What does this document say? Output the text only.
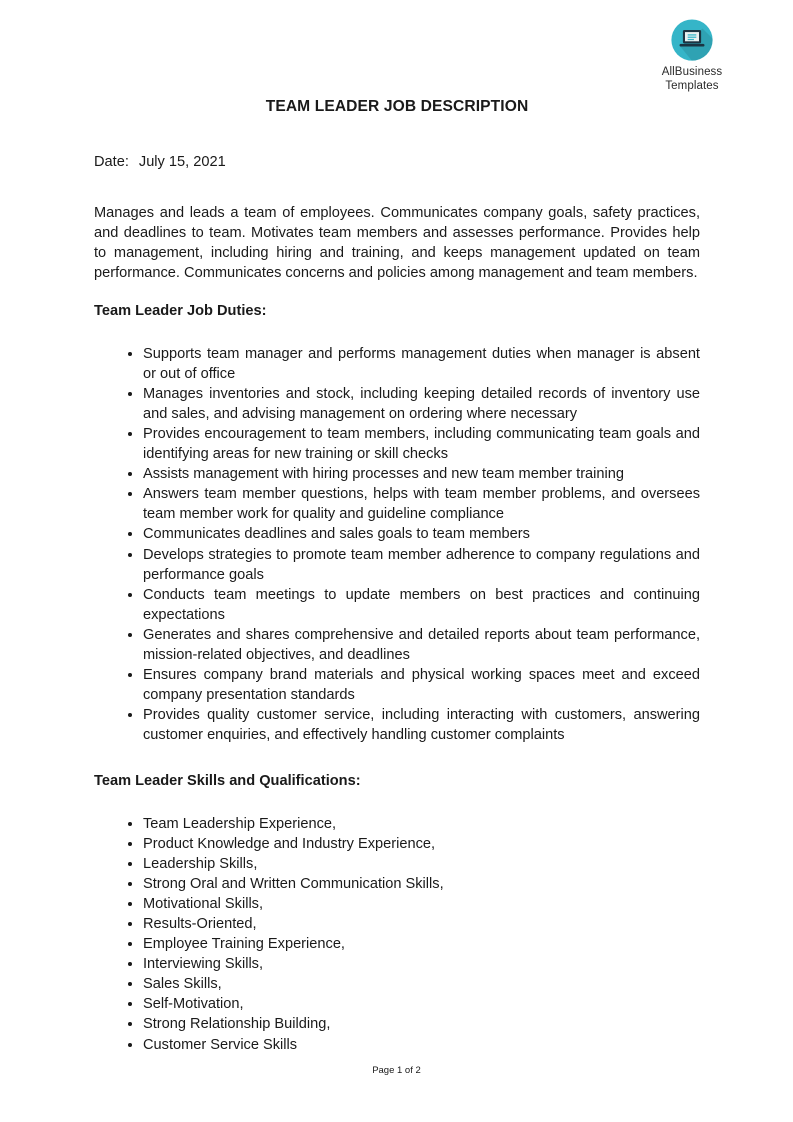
AllBusiness
Templates
TEAM LEADER JOB DESCRIPTION

Date: July 15, 2021

Manages and leads a team of employees. Communicates company goals, safety practices, and deadlines to team. Motivates team members and assesses performance. Provides help to management, including hiring and training, and keeps management updated on team performance. Communicates concerns and policies among management and team members.

Team Leader Job Duties:

• Supports team manager and performs management duties when manager is absent or out of office
• Manages inventories and stock, including keeping detailed records of inventory use and sales, and advising management on ordering where necessary
• Provides encouragement to team members, including communicating team goals and identifying areas for new training or skill checks
• Assists management with hiring processes and new team member training
• Answers team member questions, helps with team member problems, and oversees team member work for quality and guideline compliance
• Communicates deadlines and sales goals to team members
• Develops strategies to promote team member adherence to company regulations and performance goals
• Conducts team meetings to update members on best practices and continuing expectations
• Generates and shares comprehensive and detailed reports about team performance, mission-related objectives, and deadlines
• Ensures company brand materials and physical working spaces meet and exceed company presentation standards
• Provides quality customer service, including interacting with customers, answering customer enquiries, and effectively handling customer complaints

Team Leader Skills and Qualifications:

• Team Leadership Experience,
• Product Knowledge and Industry Experience,
• Leadership Skills,
• Strong Oral and Written Communication Skills,
• Motivational Skills,
• Results-Oriented,
• Employee Training Experience,
• Interviewing Skills,
• Sales Skills,
• Self-Motivation,
• Strong Relationship Building,
• Customer Service Skills
Page 1 of 2
